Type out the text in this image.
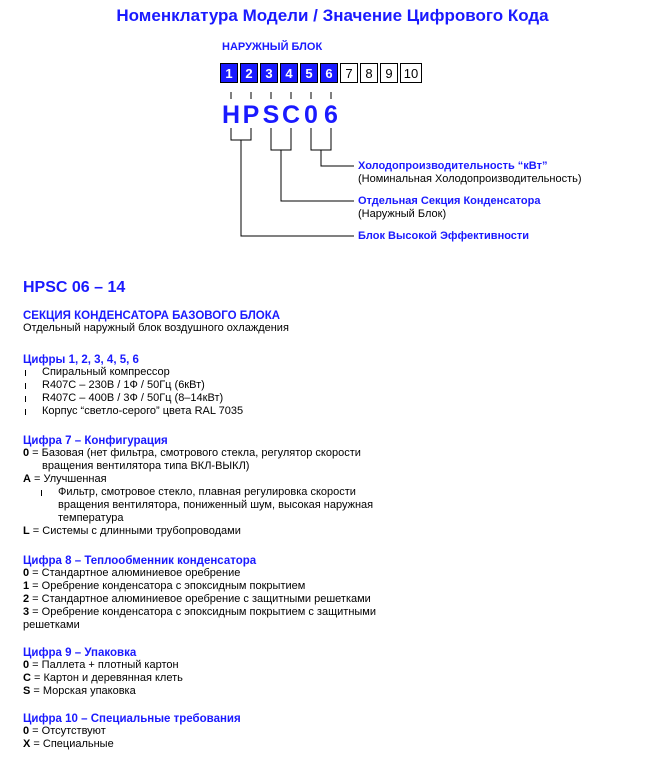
Номенклатура Модели / Значение Цифрового Кода
НАРУЖНЫЙ БЛОК
1 2 3 4 5 6 7 8 9 10
H P S C 0 6
Холодопроизводительность “кВт”
(Номинальная Холодопроизводительность)
Отдельная Секция Конденсатора
(Наружный Блок)
Блок Высокой Эффективности
HPSC 06 – 14
СЕКЦИЯ КОНДЕНСАТОРА БАЗОВОГО БЛОКА
Отдельный наружный блок воздушного охлаждения
Цифры 1, 2, 3, 4, 5, 6
Спиральный компрессор
R407C – 230В / 1Ф / 50Гц (6кВт)
R407C – 400В / 3Ф / 50Гц (8–14кВт)
Корпус “светло-серого” цвета RAL 7035
Цифра 7 – Конфигурация
0 = Базовая (нет фильтра, смотрового стекла, регулятор скорости
вращения вентилятора типа ВКЛ-ВЫКЛ)
A = Улучшенная
Фильтр, смотровое стекло, плавная регулировка скорости
вращения вентилятора, пониженный шум, высокая наружная
температура
L = Системы с длинными трубопроводами
Цифра 8 – Теплообменник конденсатора
0 = Стандартное алюминиевое оребрение
1 = Оребрение конденсатора с эпоксидным покрытием
2 = Стандартное алюминиевое оребрение с защитными решетками
3 = Оребрение конденсатора с эпоксидным покрытием с защитными
решетками
Цифра 9 – Упаковка
0 = Паллета + плотный картон
C = Картон и деревянная клеть
S = Морская упаковка
Цифра 10 – Специальные требования
0 = Отсутствуют
X = Специальные
